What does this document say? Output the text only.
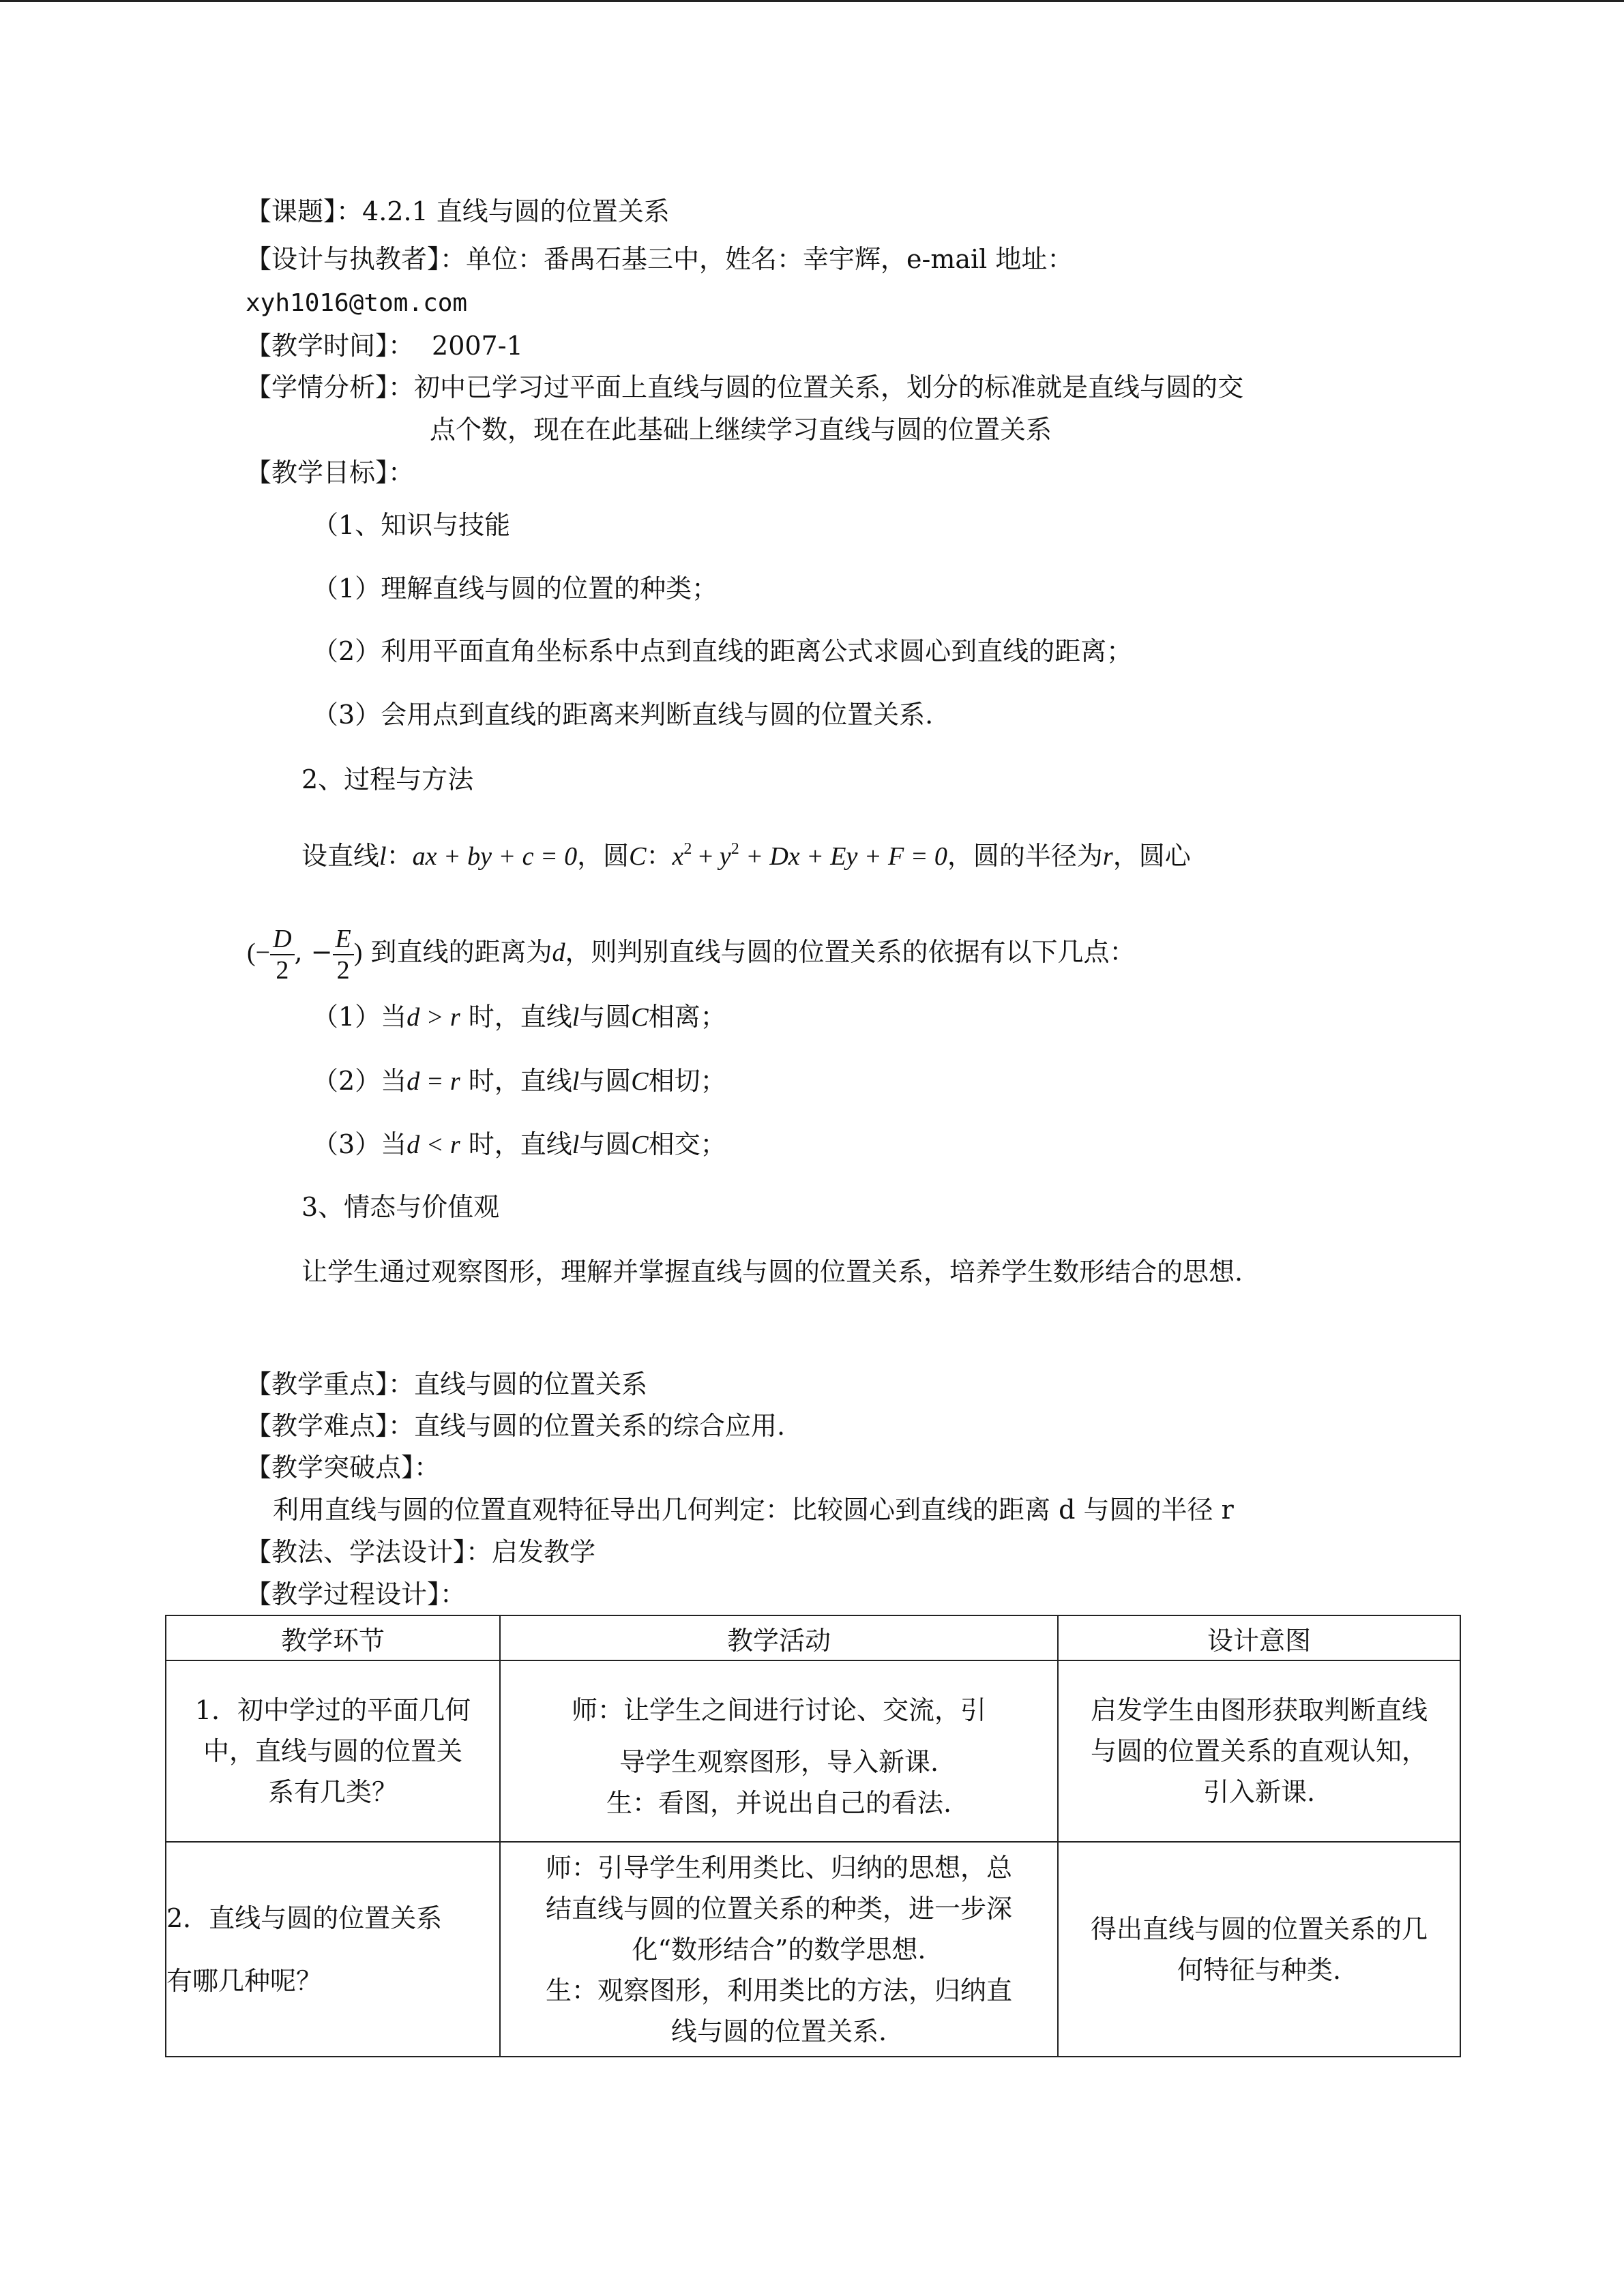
【课题】：4.2.1 直线与圆的位置关系
【设计与执教者】：单位：番禺石基三中，姓名：幸宇辉，e-mail 地址：
xyh1016@tom.com
【教学时间】： 2007-1
【学情分析】：初中已学习过平面上直线与圆的位置关系，划分的标准就是直线与圆的交
点个数，现在在此基础上继续学习直线与圆的位置关系
【教学目标】：
（1、知识与技能
（1）理解直线与圆的位置的种类；
（2）利用平面直角坐标系中点到直线的距离公式求圆心到直线的距离；
（3）会用点到直线的距离来判断直线与圆的位置关系.
2、过程与方法
设直线l：ax + by + c = 0，圆C：$x^2 + y^2 + Dx + Ey + F = 0$，圆的半径为r，圆心
(− $\frac{D}{2}$ , − $\frac{E}{2}$ ) 到直线的距离为d，则判别直线与圆的位置关系的依据有以下几点：
（1）当d > r 时，直线l与圆C相离；
（2）当d = r 时，直线l与圆C相切；
（3）当d < r 时，直线l与圆C相交；
3、情态与价值观
让学生通过观察图形，理解并掌握直线与圆的位置关系，培养学生数形结合的思想.
【教学重点】：直线与圆的位置关系
【教学难点】：直线与圆的位置关系的综合应用.
【教学突破点】：
利用直线与圆的位置直观特征导出几何判定：比较圆心到直线的距离 d 与圆的半径 r
【教法、学法设计】：启发教学
【教学过程设计】：
教学环节	教学活动	设计意图

1．初中学过的平面几何
中，直线与圆的位置关
系有几类？	师：让学生之间进行讨论、交流，引
导学生观察图形，导入新课.
生：看图，并说出自己的看法.	启发学生由图形获取判断直线
与圆的位置关系的直观认知，
引入新课.

2．直线与圆的位置关系
有哪几种呢？	师：引导学生利用类比、归纳的思想，总
结直线与圆的位置关系的种类，进一步深
化“数形结合”的数学思想.
生：观察图形，利用类比的方法，归纳直
线与圆的位置关系.	得出直线与圆的位置关系的几
何特征与种类.
